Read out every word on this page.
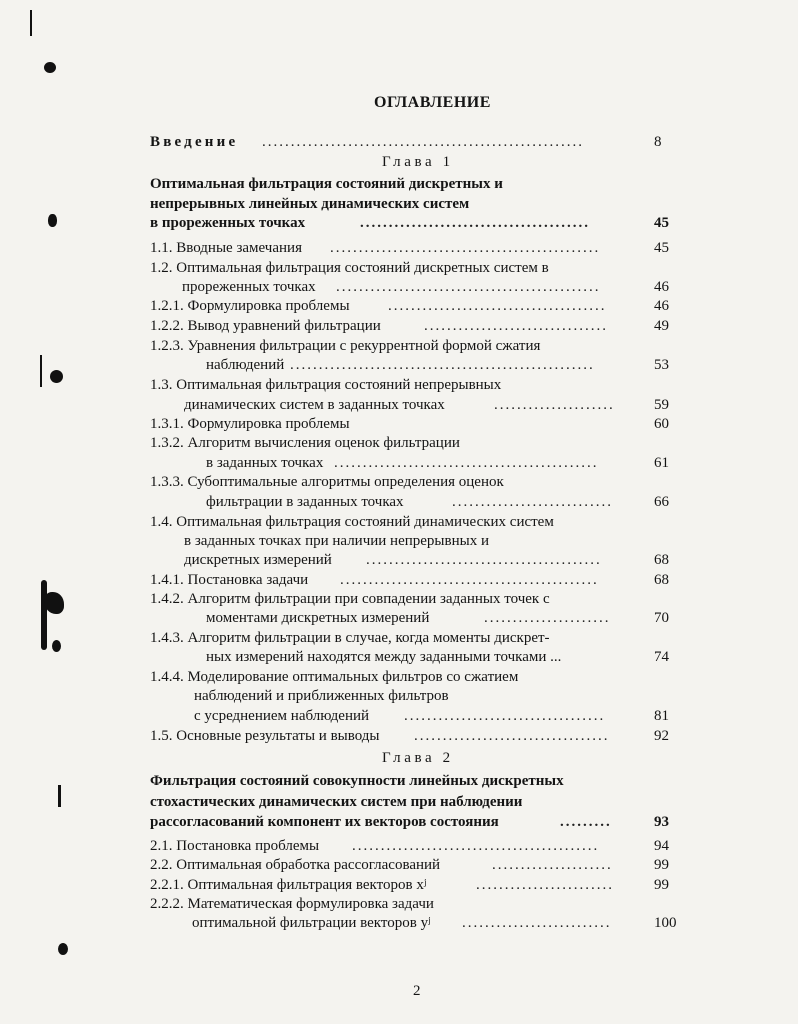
ОГЛАВЛЕНИЕ
Введение ........................................................	8
Глава 1
Оптимальная фильтрация состояний дискретных и
непрерывных линейных динамических систем
в прореженных точках	........................................	45
1.1. Вводные замечания ...............................................	45
1.2. Оптимальная фильтрация состояний дискретных систем в
прореженных точках ..............................................	46
1.2.1. Формулировка проблемы	......................................	46
1.2.2. Вывод уравнений фильтрации	................................	49
1.2.3. Уравнения фильтрации с рекуррентной формой сжатия
наблюдений .....................................................	53
1.3. Оптимальная фильтрация состояний непрерывных
динамических систем в заданных точках	.....................	59
1.3.1. Формулировка проблемы	60
1.3.2. Алгоритм вычисления оценок фильтрации
в заданных точках ..............................................	61
1.3.3. Субоптимальные алгоритмы определения оценок
фильтрации в заданных точках	............................	66
1.4. Оптимальная фильтрация состояний динамических систем
в заданных точках при наличии непрерывных и
дискретных измерений .........................................	68
1.4.1. Постановка задачи .............................................	68
1.4.2. Алгоритм фильтрации при совпадении заданных точек с
моментами дискретных измерений	......................	70
1.4.3. Алгоритм фильтрации в случае, когда моменты дискрет-
ных измерений находятся между заданными точками ...	74
1.4.4. Моделирование оптимальных фильтров со сжатием
наблюдений и приближенных фильтров
с усреднением наблюдений ...................................	81
1.5. Основные результаты и выводы ..................................	92
Глава 2
Фильтрация состояний совокупности линейных дискретных
стохастических динамических систем при наблюдении
рассогласований компонент их векторов состояния	.........	93
2.1. Постановка проблемы ...........................................	94
2.2. Оптимальная обработка рассогласований	.....................	99
2.2.1. Оптимальная фильтрация векторов xʲ	........................	99
2.2.2. Математическая формулировка задачи
оптимальной фильтрации векторов yʲ ..........................	100
2
